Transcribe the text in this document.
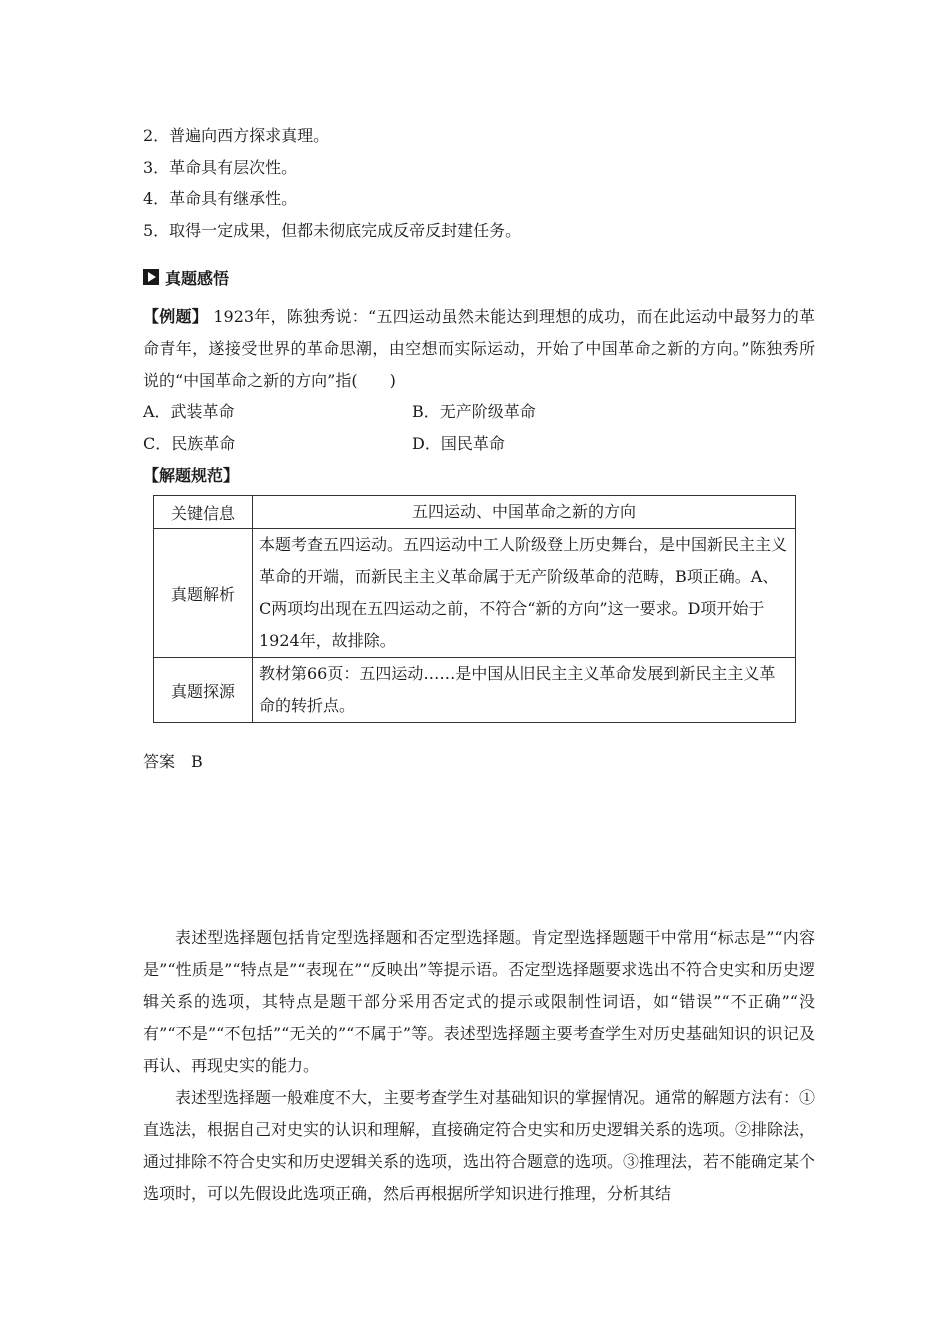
2．普遍向西方探求真理。
3．革命具有层次性。
4．革命具有继承性。
5．取得一定成果，但都未彻底完成反帝反封建任务。
真题感悟
【例题】 1923年，陈独秀说：“五四运动虽然未能达到理想的成功，而在此运动中最努力的革命青年，遂接受世界的革命思潮，由空想而实际运动，开始了中国革命之新的方向。”陈独秀所说的“中国革命之新的方向”指(　　)
A．武装革命	B．无产阶级革命
C．民族革命	D．国民革命
【解题规范】
关键信息	五四运动、中国革命之新的方向
真题解析	本题考查五四运动。五四运动中工人阶级登上历史舞台，是中国新民主主义革命的开端，而新民主主义革命属于无产阶级革命的范畴，B项正确。A、C两项均出现在五四运动之前，不符合“新的方向”这一要求。D项开始于1924年，故排除。
真题探源	教材第66页：五四运动……是中国从旧民主主义革命发展到新民主主义革命的转折点。
答案　B
表述型选择题包括肯定型选择题和否定型选择题。肯定型选择题题干中常用“标志是”“内容是”“性质是”“特点是”“表现在”“反映出”等提示语。否定型选择题要求选出不符合史实和历史逻辑关系的选项，其特点是题干部分采用否定式的提示或限制性词语，如“错误”“不正确”“没有”“不是”“不包括”“无关的”“不属于”等。表述型选择题主要考查学生对历史基础知识的识记及再认、再现史实的能力。
表述型选择题一般难度不大，主要考查学生对基础知识的掌握情况。通常的解题方法有：①直选法，根据自己对史实的认识和理解，直接确定符合史实和历史逻辑关系的选项。②排除法，通过排除不符合史实和历史逻辑关系的选项，选出符合题意的选项。③推理法，若不能确定某个选项时，可以先假设此选项正确，然后再根据所学知识进行推理，分析其结
